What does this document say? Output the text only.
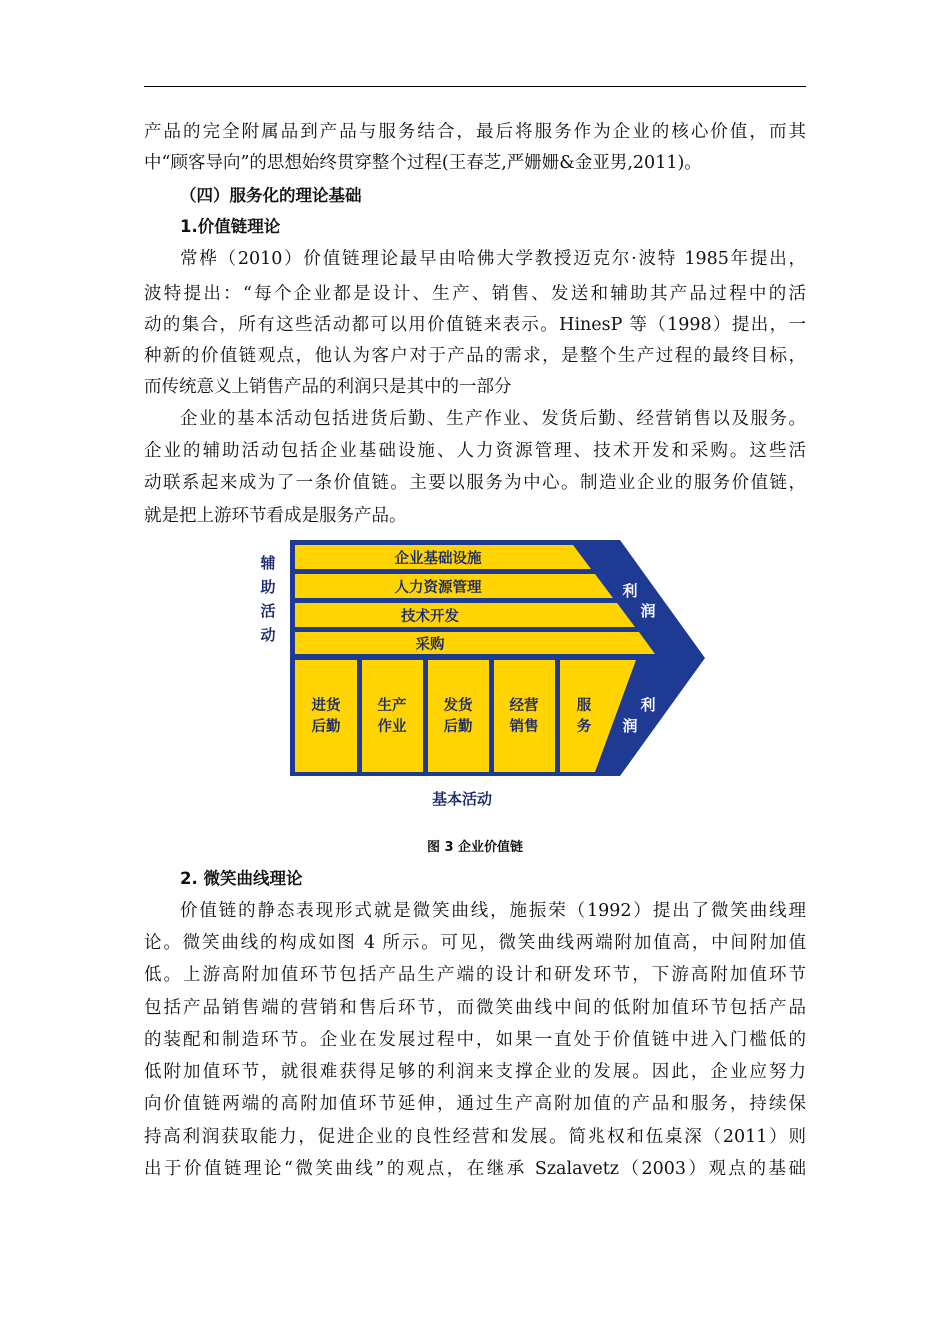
产品的完全附属品到产品与服务结合，最后将服务作为企业的核心价值，而其
中“顾客导向”的思想始终贯穿整个过程(王春芝,严姗姗&金亚男,2011)。
（四）服务化的理论基础
1.价值链理论
常桦（2010）价值链理论最早由哈佛大学教授迈克尔·波特 1985年提出，
波特提出：“每个企业都是设计、生产、销售、发送和辅助其产品过程中的活
动的集合，所有这些活动都可以用价值链来表示。HinesP 等（1998）提出，一
种新的价值链观点，他认为客户对于产品的需求，是整个生产过程的最终目标，
而传统意义上销售产品的利润只是其中的一部分
企业的基本活动包括进货后勤、生产作业、发货后勤、经营销售以及服务。
企业的辅助活动包括企业基础设施、人力资源管理、技术开发和采购。这些活
动联系起来成为了一条价值链。主要以服务为中心。制造业企业的服务价值链，
就是把上游环节看成是服务产品。
辅
助
活
动
企业基础设施
人力资源管理
技术开发
采购
进货
后勤
生产
作业
发货
后勤
经营
销售
服
务
利
润
利
润
基本活动
图 3 企业价值链
2. 微笑曲线理论
价值链的静态表现形式就是微笑曲线，施振荣（1992）提出了微笑曲线理
论。微笑曲线的构成如图 4 所示。可见，微笑曲线两端附加值高，中间附加值
低。上游高附加值环节包括产品生产端的设计和研发环节，下游高附加值环节
包括产品销售端的营销和售后环节，而微笑曲线中间的低附加值环节包括产品
的装配和制造环节。企业在发展过程中，如果一直处于价值链中进入门槛低的
低附加值环节，就很难获得足够的利润来支撑企业的发展。因此，企业应努力
向价值链两端的高附加值环节延伸，通过生产高附加值的产品和服务，持续保
持高利润获取能力，促进企业的良性经营和发展。简兆权和伍桌深（2011）则
出于价值链理论“微笑曲线”的观点，在继承 Szalavetz（2003）观点的基础
